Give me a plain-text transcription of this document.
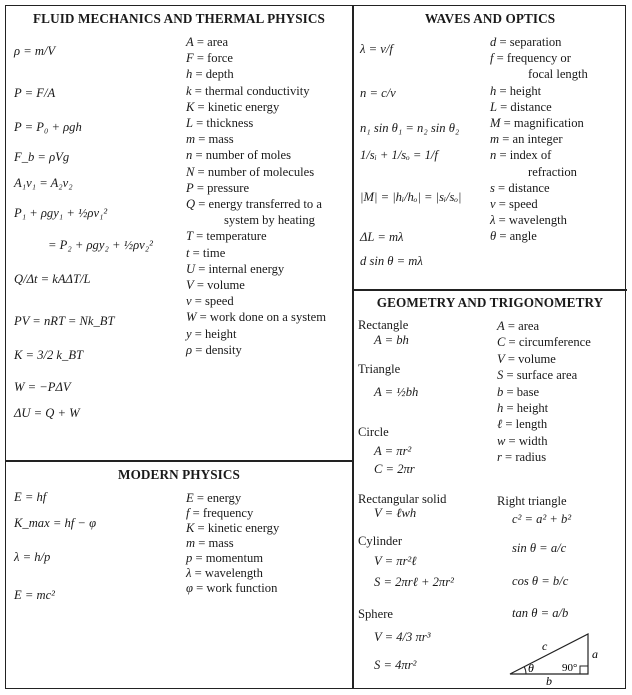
FLUID MECHANICS AND THERMAL PHYSICS	WAVES AND OPTICS
GEOMETRY AND TRIGONOMETRY
MODERN PHYSICS
ρ = m/V
P = F/A
P = P₀ + ρgh
F_b = ρVg
A₁v₁ = A₂v₂
P₁ + ρgy₁ + ½ρv₁²
= P₂ + ρgy₂ + ½ρv₂²
Q/Δt = kAΔT/L
PV = nRT = Nk_BT
K = 3/2 k_BT
W = −PΔV
ΔU = Q + W
A = area
F = force
h = depth
k = thermal conductivity
K = kinetic energy
L = thickness
m = mass
n = number of moles
N = number of molecules
P = pressure
Q = energy transferred to a
system by heating
T = temperature
t = time
U = internal energy
V = volume
v = speed
W = work done on a system
y = height
ρ = density
λ = v/f
n = c/v
n₁ sin θ₁ = n₂ sin θ₂
1/sᵢ + 1/sₒ = 1/f
|M| = |hᵢ/hₒ| = |sᵢ/sₒ|
ΔL = mλ
d sin θ = mλ
d = separation
f = frequency or
focal length
h = height
L = distance
M = magnification
m = an integer
n = index of
refraction
s = distance
v = speed
λ = wavelength
θ = angle
Rectangle
A = bh
Triangle
A = ½bh
Circle
A = πr²
C = 2πr
Rectangular solid
V = ℓwh
Cylinder
V = πr²ℓ
S = 2πrℓ + 2πr²
Sphere
V = 4/3 πr³
S = 4πr²
Right triangle
c² = a² + b²
sin θ = a/c
cos θ = b/c
tan θ = a/b
a
b
c
θ	90°
A = area
C = circumference
V = volume
S = surface area
b = base
h = height
ℓ = length
w = width
r = radius
E = hf
K_max = hf − φ
λ = h/p
E = mc²
E = energy
f = frequency
K = kinetic energy
m = mass
p = momentum
λ = wavelength
φ = work function
